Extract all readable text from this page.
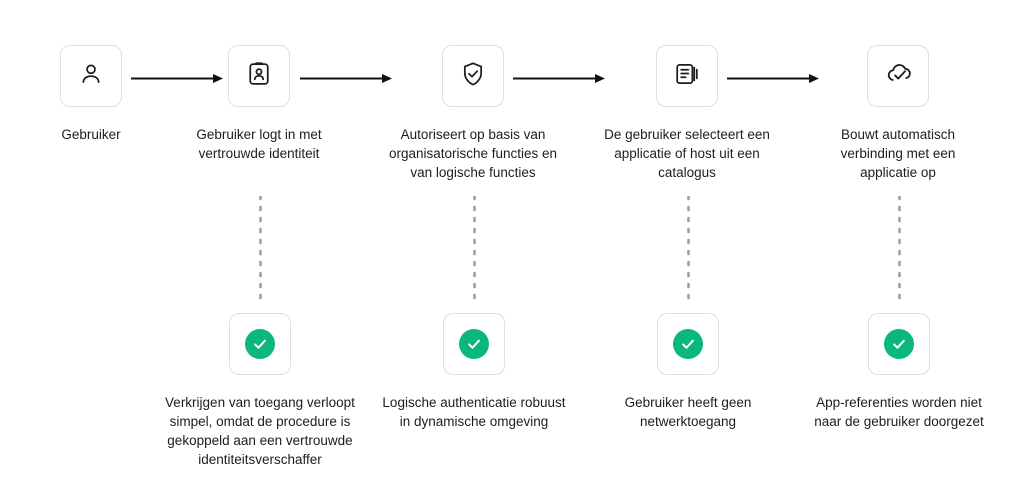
Gebruiker	Gebruiker logt in met vertrouwde identiteit
Autoriseert op basis van organisatorische functies en van logische functies
De gebruiker selecteert een applicatie of host uit een catalogus
Bouwt automatisch verbinding met een applicatie op
Verkrijgen van toegang verloopt simpel, omdat de procedure is gekoppeld aan een vertrouwde identiteitsverschaffer
Logische authenticatie robuust in dynamische omgeving
Gebruiker heeft geen netwerktoegang
App-referenties worden niet naar de gebruiker doorgezet
